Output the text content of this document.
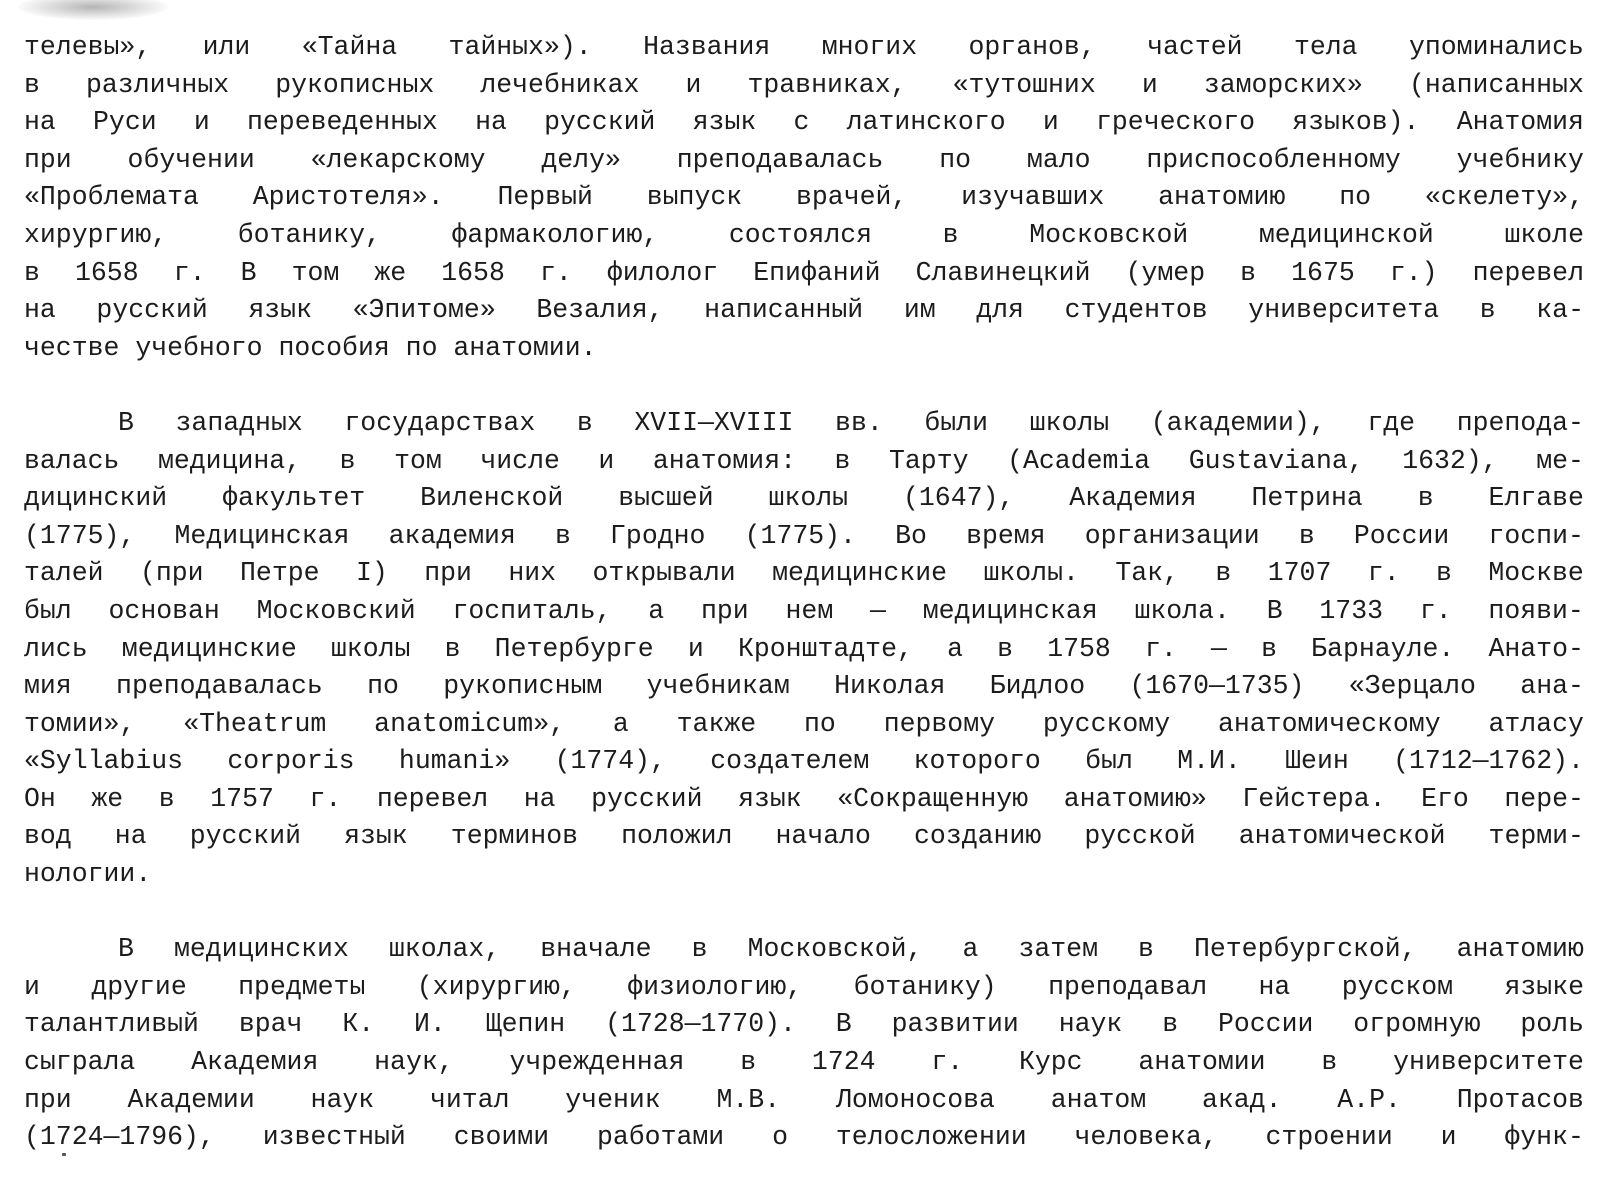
телевы», или «Тайна тайных»). Названия многих органов, частей тела упоминались
в различных рукописных лечебниках и травниках, «тутошних и заморских» (написанных
на Руси и переведенных на русский язык с латинского и греческого языков). Анатомия
при обучении «лекарскому делу» преподавалась по мало приспособленному учебнику
«Проблемата Аристотеля». Первый выпуск врачей, изучавших анатомию по «скелету»,
хирургию,	ботанику,	фармакологию,	состоялся	в	Московской	медицинской	школе
в 1658 г. В том же 1658 г. филолог Епифаний Славинецкий (умер в 1675 г.) перевел
на русский язык «Эпитоме» Везалия, написанный им для студентов университета в ка-
честве учебного пособия по анатомии.
В западных государствах в XVII—XVIII вв. были школы (академии), где препода-
валась медицина, в том числе и анатомия: в Тарту (Academia Gustaviana, 1632), ме-
дицинский факультет Виленской высшей школы (1647), Академия Петрина в Елгаве
(1775), Медицинская академия в Гродно (1775). Во время организации в России госпи-
талей (при Петре I) при них открывали медицинские школы. Так, в 1707 г. в Москве
был основан Московский госпиталь, а при нем — медицинская школа. В 1733 г. появи-
лись медицинские школы в Петербурге и Кронштадте, а в 1758 г. — в Барнауле. Анато-
мия преподавалась по рукописным учебникам Николая Бидлоо (1670—1735) «Зерцало ана-
томии», «Theatrum anatomicum», а также по первому русскому анатомическому атласу
«Syllabius corporis humani» (1774), создателем которого был М.И. Шеин (1712—1762).
Он же в 1757 г. перевел на русский язык «Сокращенную анатомию» Гейстера. Его пере-
вод на русский язык терминов положил начало созданию русской анатомической терми-
нологии.
В медицинских школах, вначале в Московской, а затем в Петербургской, анатомию
и другие предметы (хирургию, физиологию, ботанику) преподавал на русском языке
талантливый врач К. И. Щепин (1728—1770). В развитии наук в России огромную роль
сыграла Академия наук, учрежденная в 1724 г. Курс анатомии в университете
при Академии наук читал ученик М.В. Ломоносова анатом акад. А.Р. Протасов
(1724—1796), известный своими работами о телосложении человека, строении и функ-
